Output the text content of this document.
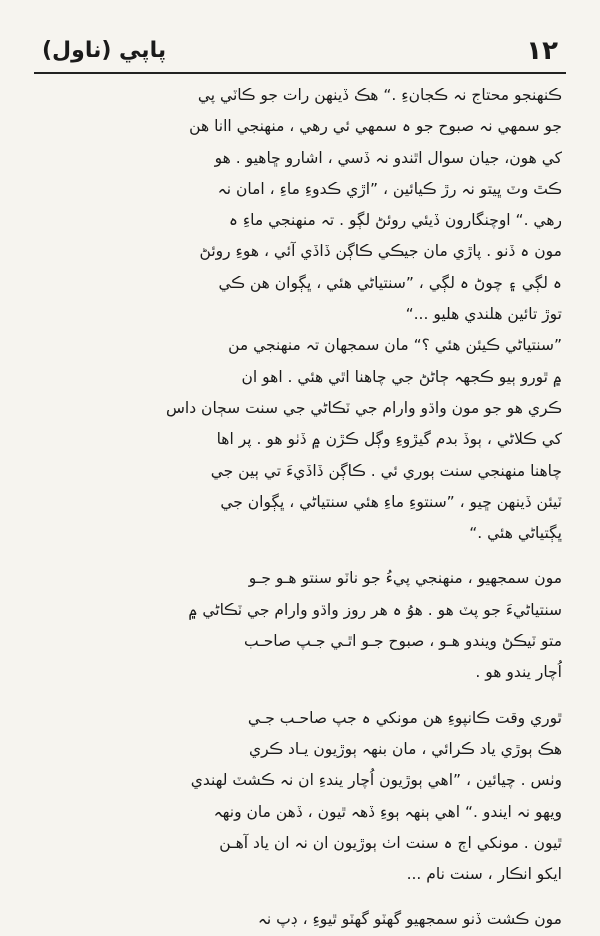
١٢
پاپي (ناول)
ڪنهنجو محتاج نہ ڪجانءِ .“ هڪ ڏينهن رات جو ڪاٽي پي
جو سمهي نہ صبوح جو ہ سمهي ئي رهي ، منهنجي اانا هن
کي هون، جيان سوال اٿندو نہ ڏسي ، اشارو ڇاهيو . هو
ڪٿ وٽ ڀيتو نہ رڙ ڪيائين ، ”اڙي ڪدوءِ ماءِ ، امان نہ
رهي .“ اوچنگارون ڏيئي روئڻ لڳو . تہ منهنجي ماءِ ہ
مون ہ ڏنو . پاڙي مان جيڪي ڪاڳن ڏاڏي آئي ، هوءِ روئڻ
ہ لڳي ۽ چوڻ ہ لڳي ، ”سنتياڻي هئي ، ڀڳوان هن ڪي
توڙ تائين هلندي هليو ...“
”سنتياڻي ڪيئن هئي ؟“ مان سمجهان تہ منهنجي من
۾ ٿورو ٻيو ڪجهہ ڄاڻڻ جي چاهنا اٿي هئي . اهو ان
ڪري هو جو مون واڌو وارام جي ٽڪاڻي جي سنت سڄان داس
کي ڪلاڻي ، ٻوڏ بدم گيڙوءِ وڳل ڪڙن ۾ ڏٺو هو . پر اها
چاهنا منهنجي سنت ٻوري ئي . ڪاڳن ڏاڏيءَ تي ٻين جي
ٽيئن ڏينهن ڇيو ، ”سنتوءِ ماءِ هئي سنتياڻي ، ڀڳوان جي
ڀڳتياڻي هئي .“
مون سمجهيو ، منهنجي پيءُ جو ناٽو سنتو هـو جـو
سنتياڻيءَ جو پٽ هو . هوُ ہ هر روز واڌو وارام جي ٽڪاڻي ۾
متو ٽيڪڻ ويندو هـو ، صبوح جـو اٿـي جـپ صاحـب
اُچار يندو هو .
ٿوري وقت ڪانپوءِ هن مونکي ہ جپ صاحـب جـي
هڪ ٻوڙي ياد ڪرائي ، مان بنهہ ٻوڙيون يـاد ڪري
وٺس . چيائين ، ”اهي ٻوڙيون اُچار يندءِ ان نہ ڪشٽ لهندي
ويهو نہ ايندو .“ اهي ٻنهہ ٻوءِ ڏهہ ٿيون ، ڏهن مان ونهہ
ٿيون . مونکي اڄ ہ سنت اٺ ٻوڙيون ان نہ ان ياد آهـن
ايکو انڪار ، سنت نام ...
مون ڪشت ڏنو سمجهيو گهٽو گهٽو ٿيوءِ ، ڊپ نہ
